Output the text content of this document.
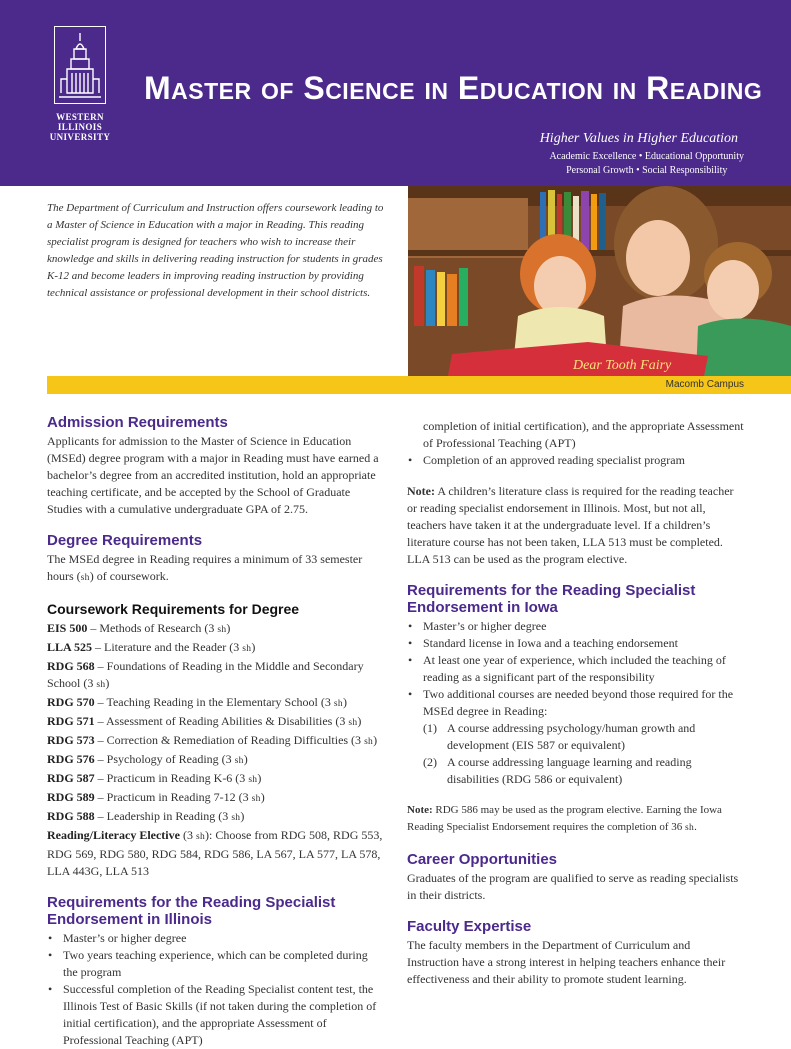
WESTERN
ILLINOIS
UNIVERSITY
MASTER OF SCIENCE IN EDUCATION IN READING
Higher Values in Higher Education
Academic Excellence • Educational Opportunity
Personal Growth • Social Responsibility
The Department of Curriculum and Instruction offers coursework leading to a Master of Science in Education with a major in Reading. This reading specialist program is designed for teachers who wish to increase their knowledge and skills in delivering reading instruction for students in grades K-12 and become leaders in improving reading instruction by providing technical assistance or professional development in their school districts.
Dear Tooth Fairy
Macomb Campus
Admission Requirements

Applicants for admission to the Master of Science in Education (MSEd) degree program with a major in Reading must have earned a bachelor’s degree from an accredited institution, hold an appropriate teaching certificate, and be accepted by the School of Graduate Studies with a cumulative undergraduate GPA of 2.75.

Degree Requirements

The MSEd degree in Reading requires a minimum of 33 semester hours (sh) of coursework.

Coursework Requirements for Degree
EIS 500 – Methods of Research (3 sh)
LLA 525 – Literature and the Reader (3 sh)
RDG 568 – Foundations of Reading in the Middle and Secondary School (3 sh)
RDG 570 – Teaching Reading in the Elementary School (3 sh)
RDG 571 – Assessment of Reading Abilities & Disabilities (3 sh)
RDG 573 – Correction & Remediation of Reading Difficulties (3 sh)
RDG 576 – Psychology of Reading (3 sh)
RDG 587 – Practicum in Reading K-6 (3 sh)
RDG 589 – Practicum in Reading 7-12 (3 sh)
RDG 588 – Leadership in Reading (3 sh)
Reading/Literacy Elective (3 sh): Choose from RDG 508, RDG 553, RDG 569, RDG 580, RDG 584, RDG 586, LA 567, LA 577, LA 578, LLA 443G, LLA 513
Requirements for the Reading Specialist
Endorsement in Illinois
• Master’s or higher degree
• Two years teaching experience, which can be completed during the program
• Successful completion of the Reading Specialist content test, the Illinois Test of Basic Skills (if not taken during the completion of initial certification), and the appropriate Assessment of Professional Teaching (APT)
• completion of initial certification), and the appropriate Assessment of Professional Teaching (APT)
• Completion of an approved reading specialist program

Note: A children’s literature class is required for the reading teacher or reading specialist endorsement in Illinois. Most, but not all, teachers have taken it at the undergraduate level. If a children’s literature course has not been taken, LLA 513 must be completed. LLA 513 can be used as the program elective.

Requirements for the Reading Specialist
Endorsement in Iowa
• Master’s or higher degree
• Standard license in Iowa and a teaching endorsement
• At least one year of experience, which included the teaching of reading as a significant part of the responsibility
• Two additional courses are needed beyond those required for the MSEd degree in Reading:
(1) A course addressing psychology/human growth and development (EIS 587 or equivalent)
(2) A course addressing language learning and reading disabilities (RDG 586 or equivalent)

Note: RDG 586 may be used as the program elective. Earning the Iowa Reading Specialist Endorsement requires the completion of 36 sh.

Career Opportunities

Graduates of the program are qualified to serve as reading specialists in their districts.

Faculty Expertise

The faculty members in the Department of Curriculum and Instruction have a strong interest in helping teachers enhance their effectiveness and their ability to promote student learning.
